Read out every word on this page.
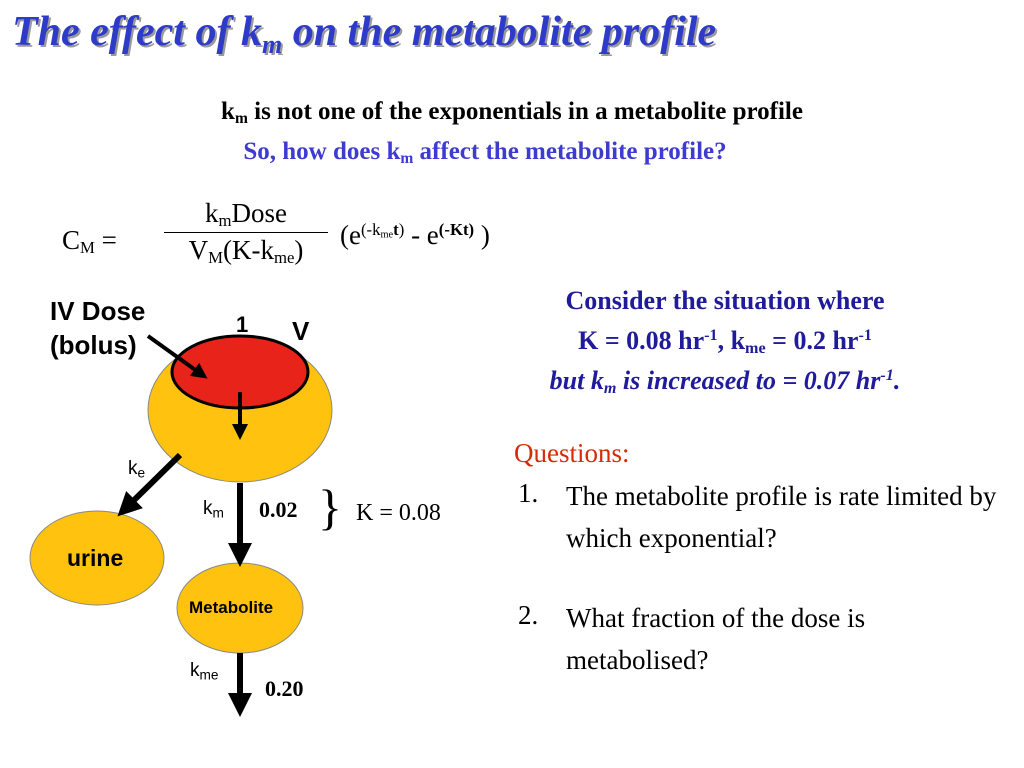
The effect of $k_m$ on the metabolite profile
$k_m$ is not one of the exponentials in a metabolite profile
So, how does $k_m$ affect the metabolite profile?
$C_M$ =
$k_mDose$
$V_M(K-k_{me})$	($e^{(-k_{me}t)} - e^{(-Kt)}$ )
Consider the situation where
K = 0.08 $hr^{-1}$, $k_{me} = 0.2$ $hr^{-1}$
but $k_m$ is increased to = 0.07 $hr^{-1}$.
Questions:
1. The metabolite profile is rate limited by which exponential?
2. What fraction of the dose is metabolised?
IV Dose
(bolus)
1 V
urine
Metabolite
$k_e$
$k_m$
$k_{me}$
0.02 } K = 0.08
0.20
